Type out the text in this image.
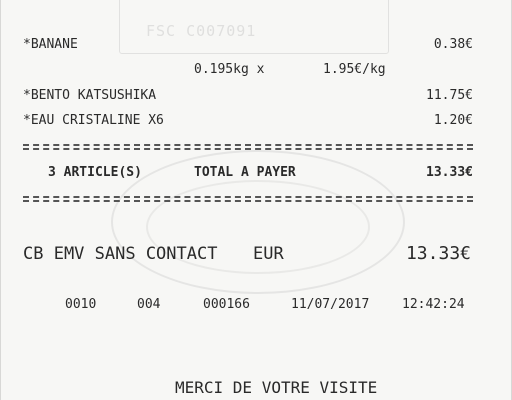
FSC C007091
*BANANE	0.38€
0.195kg x	1.95€/kg
*BENTO KATSUSHIKA	11.75€
*EAU CRISTALINE X6	1.20€
3 ARTICLE(S)	TOTAL A PAYER	13.33€
CB EMV SANS CONTACT EUR	13.33€
0010	004	000166	11/07/2017	12:42:24
MERCI DE VOTRE VISITE
